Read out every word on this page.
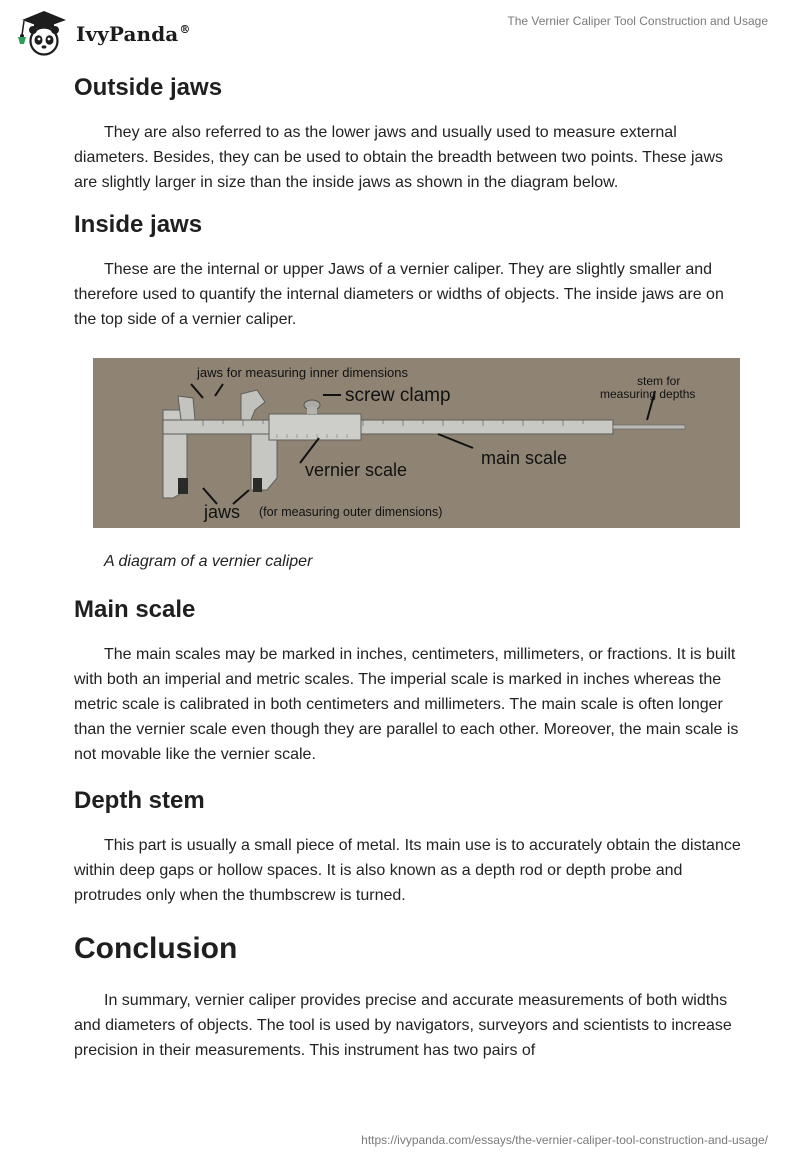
IvyPanda®
The Vernier Caliper Tool Construction and Usage
Outside jaws

They are also referred to as the lower jaws and usually used to measure external diameters. Besides, they can be used to obtain the breadth between two points. These jaws are slightly larger in size than the inside jaws as shown in the diagram below.

Inside jaws

These are the internal or upper Jaws of a vernier caliper. They are slightly smaller and therefore used to quantify the internal diameters or widths of objects. The inside jaws are on the top side of a vernier caliper.

jaws for measuring inner dimensions
screw clamp
stem for
measuring depths
main scale
vernier scale
jaws (for measuring outer dimensions)
A diagram of a vernier caliper
Main scale

The main scales may be marked in inches, centimeters, millimeters, or fractions. It is built with both an imperial and metric scales. The imperial scale is marked in inches whereas the metric scale is calibrated in both centimeters and millimeters. The main scale is often longer than the vernier scale even though they are parallel to each other. Moreover, the main scale is not movable like the vernier scale.

Depth stem

This part is usually a small piece of metal. Its main use is to accurately obtain the distance within deep gaps or hollow spaces. It is also known as a depth rod or depth probe and protrudes only when the thumbscrew is turned.

Conclusion

In summary, vernier caliper provides precise and accurate measurements of both widths and diameters of objects. The tool is used by navigators, surveyors and scientists to increase precision in their measurements. This instrument has two pairs of

https://ivypanda.com/essays/the-vernier-caliper-tool-construction-and-usage/
